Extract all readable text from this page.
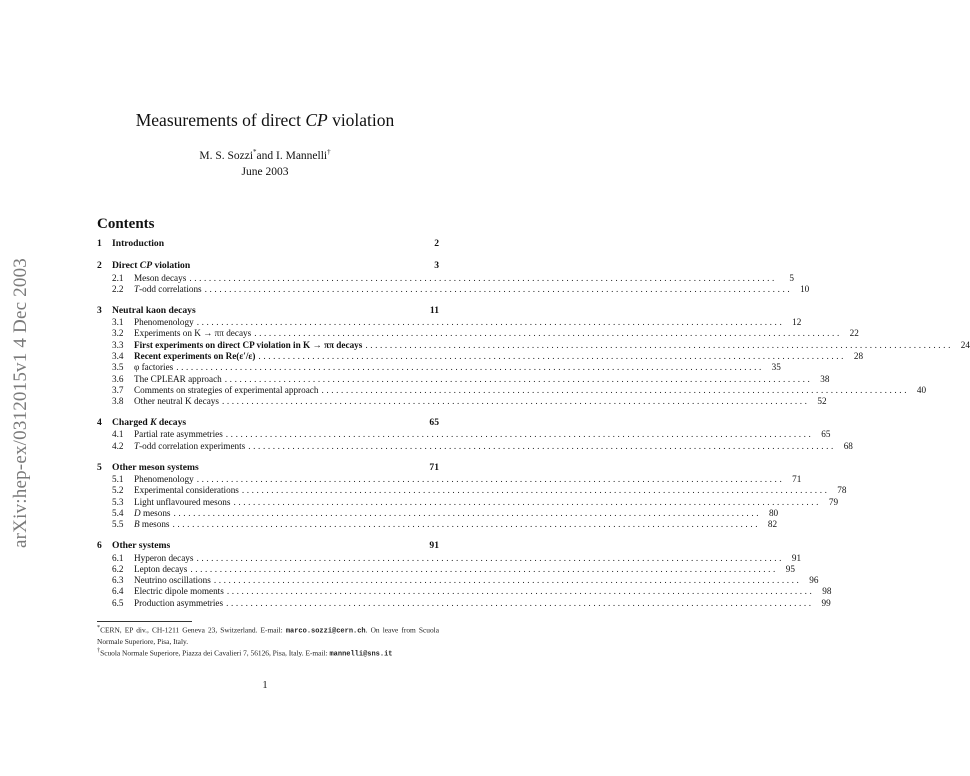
arXiv:hep-ex/0312015v1 4 Dec 2003
Measurements of direct CP violation
M. S. Sozzi*and I. Mannelli†
June 2003
Contents
1	Introduction	2
2	Direct CP violation	3
2.1	Meson decays ........................................................................................................................	5
2.2	T-odd correlations ........................................................................................................................ 10
3	Neutral kaon decays	11
3.1	Phenomenology ........................................................................................................................ 12
3.2	Experiments on K → ππ decays ........................................................................................................................ 22
3.3	First experiments on direct CP violation in K → ππ decays ........................................................................................................................ 24
3.4	Recent experiments on Re(ε′/ε) ........................................................................................................................ 28
3.5	φ factories ........................................................................................................................ 35
3.6	The CPLEAR approach ........................................................................................................................ 38
3.7	Comments on strategies of experimental approach ........................................................................................................................ 40
3.8	Other neutral K decays ........................................................................................................................ 52
4	Charged K decays	65
4.1	Partial rate asymmetries ........................................................................................................................ 65
4.2	T-odd correlation experiments ........................................................................................................................ 68
5	Other meson systems	71
5.1	Phenomenology ........................................................................................................................ 71
5.2	Experimental considerations ........................................................................................................................ 78
5.3	Light unflavoured mesons ........................................................................................................................ 79
5.4	D mesons ........................................................................................................................ 80
5.5	B mesons ........................................................................................................................ 82
6	Other systems	91
6.1	Hyperon decays ........................................................................................................................ 91
6.2	Lepton decays ........................................................................................................................ 95
6.3	Neutrino oscillations ........................................................................................................................ 96
6.4	Electric dipole moments ........................................................................................................................ 98
6.5	Production asymmetries ........................................................................................................................ 99
*CERN, EP div., CH-1211 Geneva 23, Switzerland. E-mail: marco.sozzi@cern.ch. On leave from Scuola Normale Superiore, Pisa, Italy.
†Scuola Normale Superiore, Piazza dei Cavalieri 7, 56126, Pisa, Italy. E-mail: mannelli@sns.it
1
